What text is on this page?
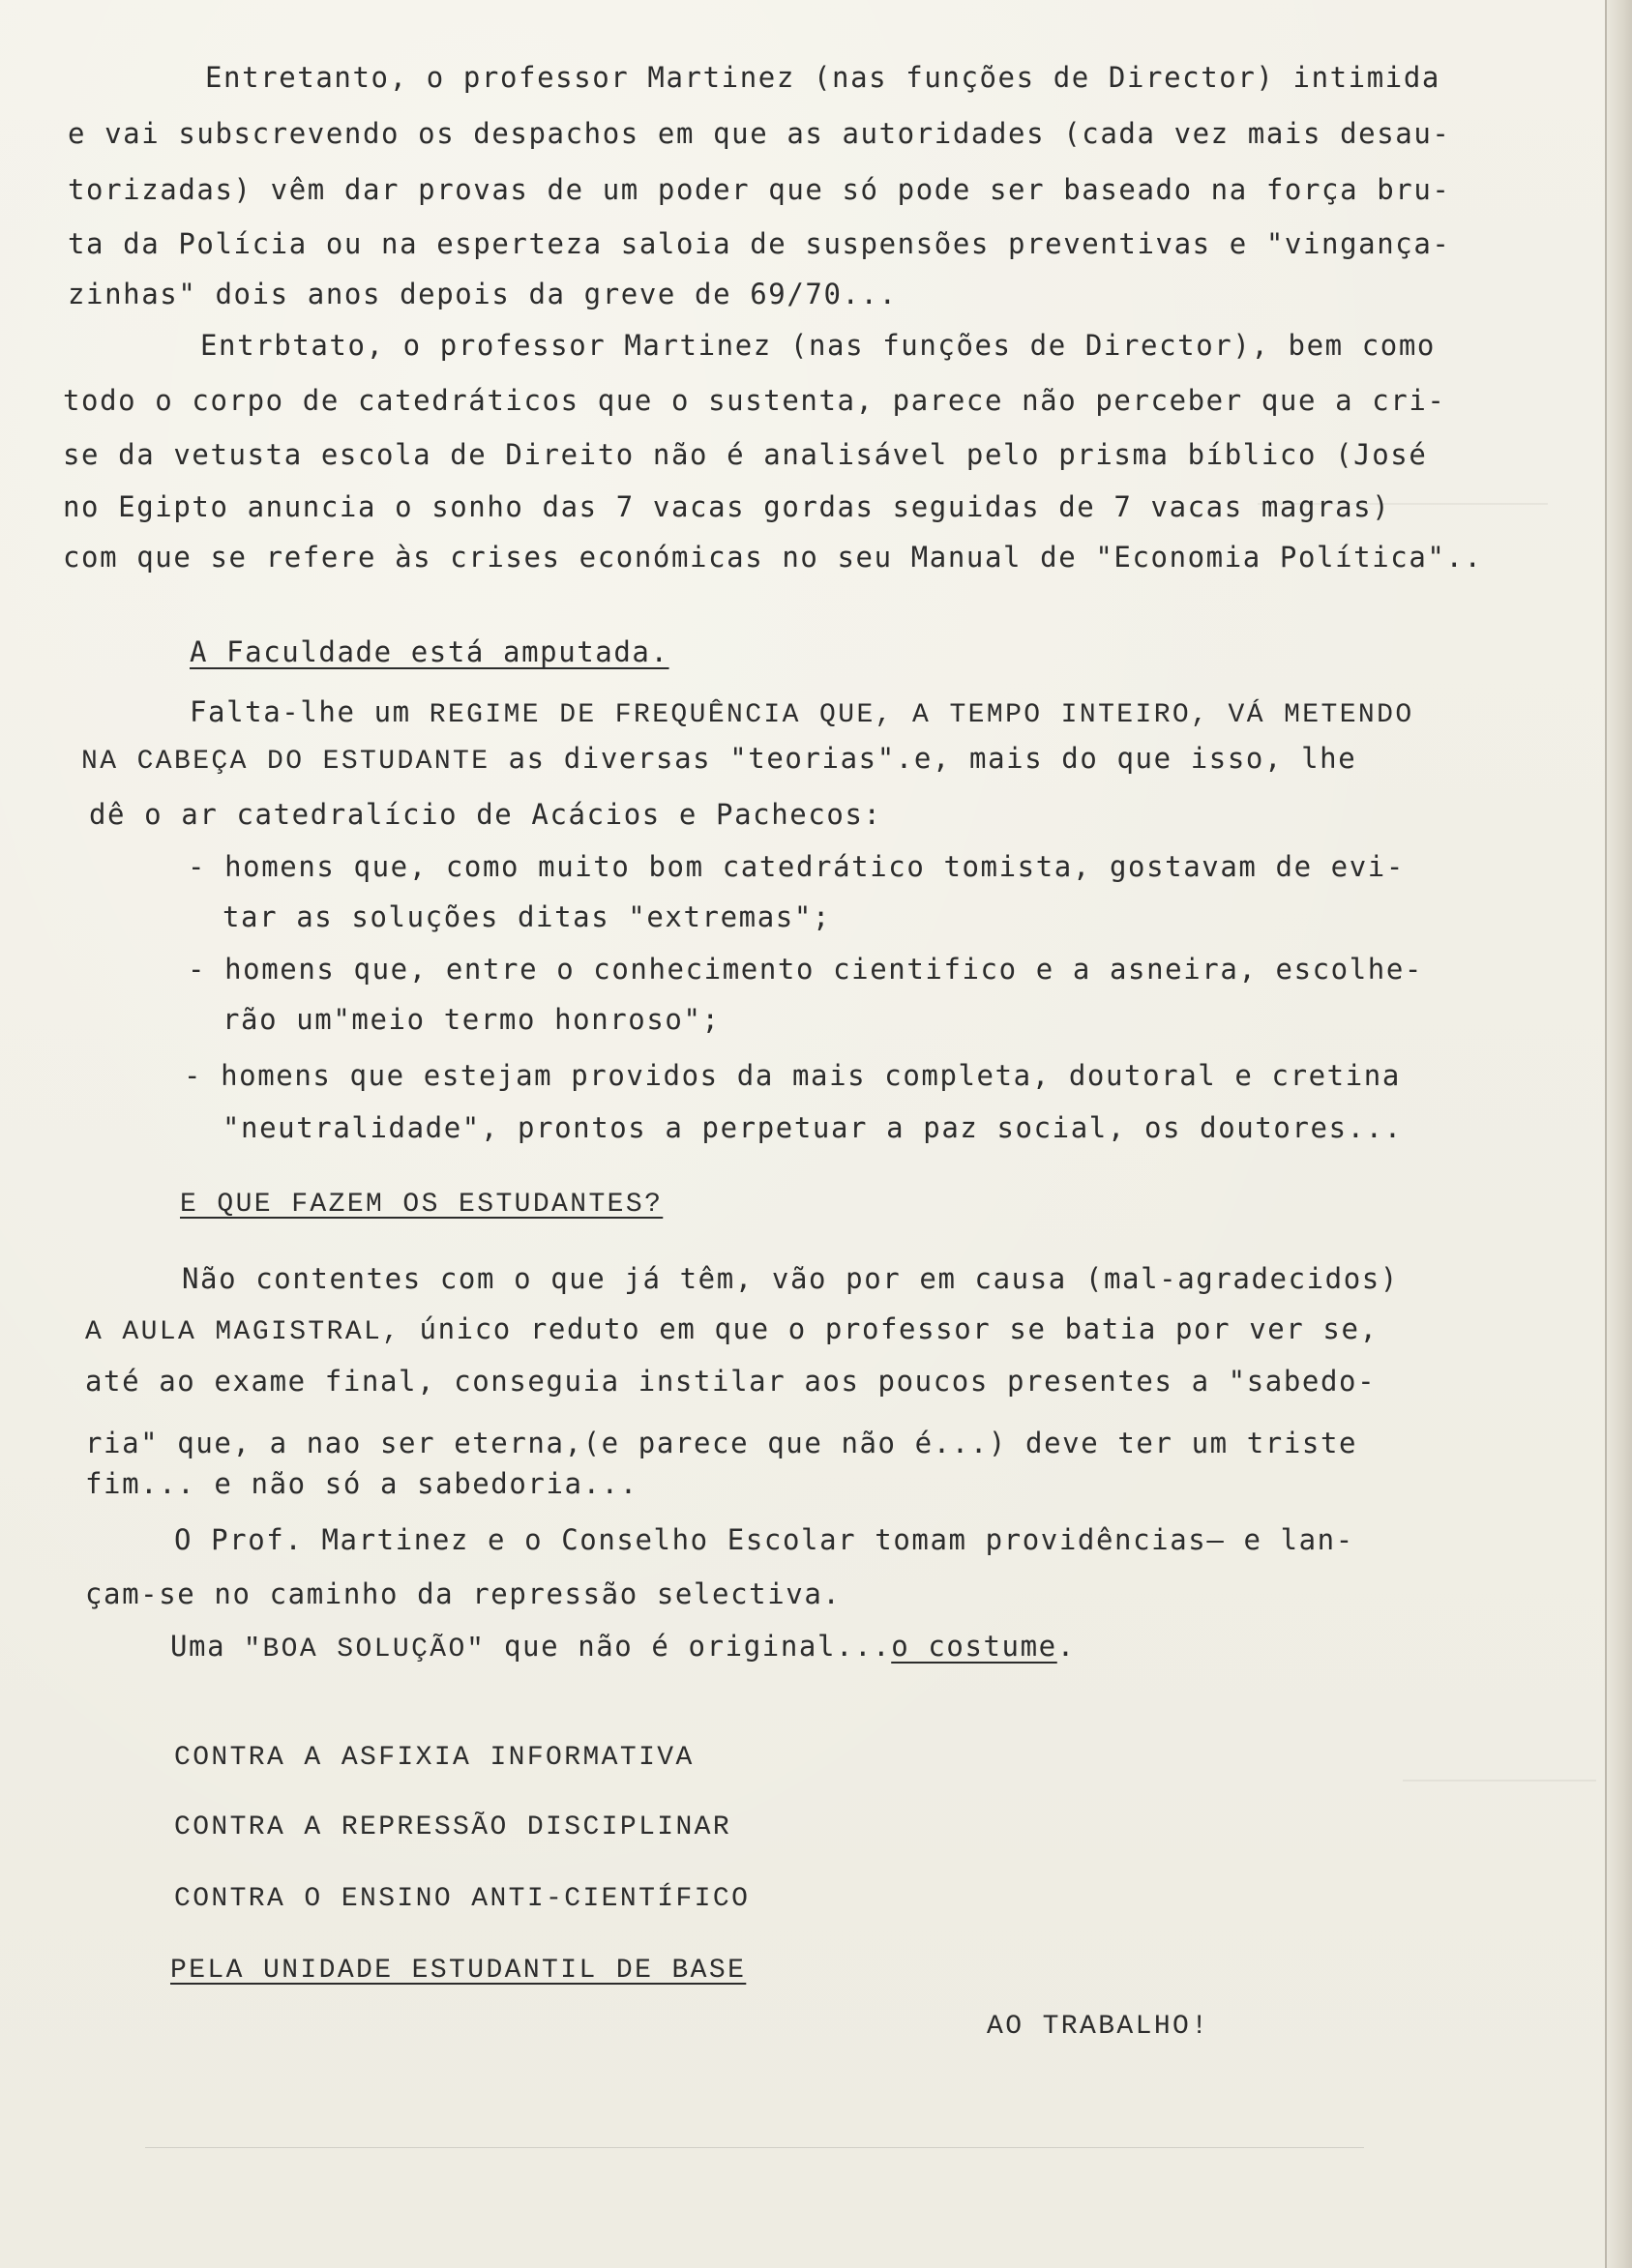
Entretanto, o professor Martinez (nas funções de Director) intimida
e vai subscrevendo os despachos em que as autoridades (cada vez mais desau-
torizadas) vêm dar provas de um poder que só pode ser baseado na força bru-
ta da Polícia ou na esperteza saloia de suspensões preventivas e "vingança-
zinhas" dois anos depois da greve de 69/70...
Entrbtato, o professor Martinez (nas funções de Director), bem como
todo o corpo de catedráticos que o sustenta, parece não perceber que a cri-
se da vetusta escola de Direito não é analisável pelo prisma bíblico (José
no Egipto anuncia o sonho das 7 vacas gordas seguidas de 7 vacas magras)
com que se refere às crises económicas no seu Manual de "Economia Política"..
A Faculdade está amputada.
Falta-lhe um REGIME DE FREQUÊNCIA QUE, A TEMPO INTEIRO, VÁ METENDO
NA CABEÇA DO ESTUDANTE as diversas "teorias".e, mais do que isso, lhe
dê o ar catedralício de Acácios e Pachecos:
- homens que, como muito bom catedrático tomista, gostavam de evi-
tar as soluções ditas "extremas";
- homens que, entre o conhecimento cientifico e a asneira, escolhe-
rão um"meio termo honroso";
- homens que estejam providos da mais completa, doutoral e cretina
"neutralidade", prontos a perpetuar a paz social, os doutores...
E QUE FAZEM OS ESTUDANTES?
Não contentes com o que já têm, vão por em causa (mal-agradecidos)
A AULA MAGISTRAL, único reduto em que o professor se batia por ver se,
até ao exame final, conseguia instilar aos poucos presentes a "sabedo-
ria" que, a nao ser eterna,(e parece que não é...) deve ter um triste
fim... e não só a sabedoria...
O Prof. Martinez e o Conselho Escolar tomam providências— e lan-
çam-se no caminho da repressão selectiva.
Uma "BOA SOLUÇÃO" que não é original...o costume.
CONTRA A ASFIXIA INFORMATIVA
CONTRA A REPRESSÃO DISCIPLINAR
CONTRA O ENSINO ANTI-CIENTÍFICO
PELA UNIDADE ESTUDANTIL DE BASE
AO TRABALHO!
